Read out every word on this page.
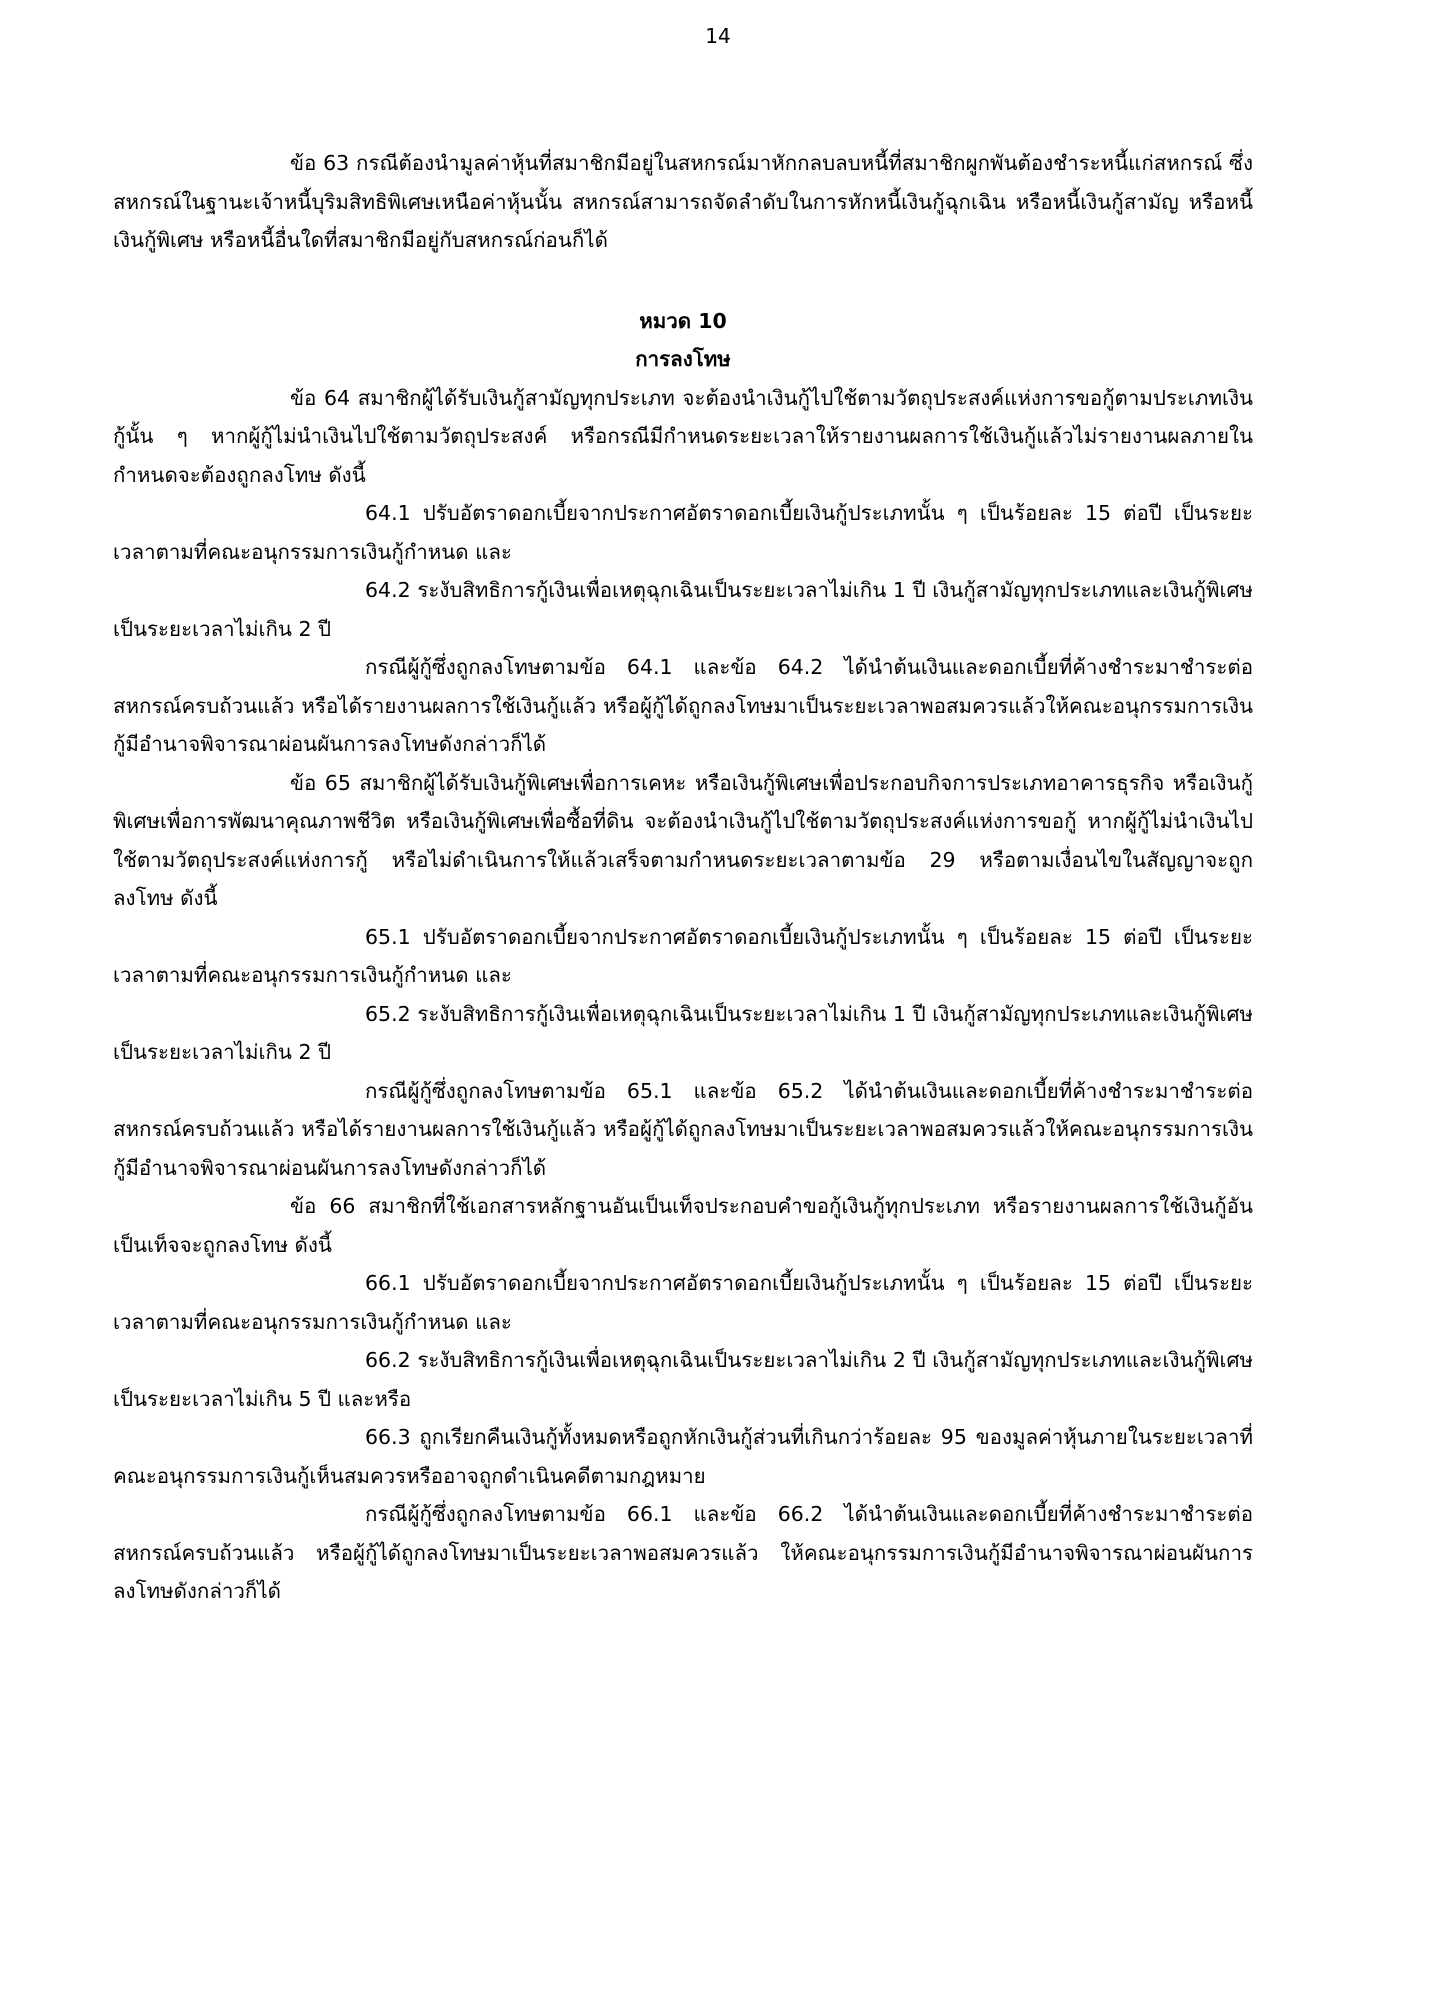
14

ข้อ 63 กรณีต้องนำมูลค่าหุ้นที่สมาชิกมีอยู่ในสหกรณ์มาหักกลบลบหนี้ที่สมาชิกผูกพันต้องชำระหนี้แก่สหกรณ์ ซึ่งสหกรณ์ในฐานะเจ้าหนี้บุริมสิทธิพิเศษเหนือค่าหุ้นนั้น สหกรณ์สามารถจัดลำดับในการหักหนี้เงินกู้ฉุกเฉิน หรือหนี้เงินกู้สามัญ หรือหนี้เงินกู้พิเศษ หรือหนี้อื่นใดที่สมาชิกมีอยู่กับสหกรณ์ก่อนก็ได้

หมวด 10

การลงโทษ

ข้อ 64 สมาชิกผู้ได้รับเงินกู้สามัญทุกประเภท จะต้องนำเงินกู้ไปใช้ตามวัตถุประสงค์แห่งการขอกู้ตามประเภทเงินกู้นั้น ๆ หากผู้กู้ไม่นำเงินไปใช้ตามวัตถุประสงค์ หรือกรณีมีกำหนดระยะเวลาให้รายงานผลการใช้เงินกู้แล้วไม่รายงานผลภายในกำหนดจะต้องถูกลงโทษ ดังนี้

64.1 ปรับอัตราดอกเบี้ยจากประกาศอัตราดอกเบี้ยเงินกู้ประเภทนั้น ๆ เป็นร้อยละ 15 ต่อปี เป็นระยะเวลาตามที่คณะอนุกรรมการเงินกู้กำหนด และ

64.2 ระงับสิทธิการกู้เงินเพื่อเหตุฉุกเฉินเป็นระยะเวลาไม่เกิน 1 ปี เงินกู้สามัญทุกประเภทและเงินกู้พิเศษเป็นระยะเวลาไม่เกิน 2 ปี

กรณีผู้กู้ซึ่งถูกลงโทษตามข้อ 64.1 และข้อ 64.2 ได้นำต้นเงินและดอกเบี้ยที่ค้างชำระมาชำระต่อสหกรณ์ครบถ้วนแล้ว หรือได้รายงานผลการใช้เงินกู้แล้ว หรือผู้กู้ได้ถูกลงโทษมาเป็นระยะเวลาพอสมควรแล้วให้คณะอนุกรรมการเงินกู้มีอำนาจพิจารณาผ่อนผันการลงโทษดังกล่าวก็ได้

ข้อ 65 สมาชิกผู้ได้รับเงินกู้พิเศษเพื่อการเคหะ หรือเงินกู้พิเศษเพื่อประกอบกิจการประเภทอาคารธุรกิจ หรือเงินกู้พิเศษเพื่อการพัฒนาคุณภาพชีวิต หรือเงินกู้พิเศษเพื่อซื้อที่ดิน จะต้องนำเงินกู้ไปใช้ตามวัตถุประสงค์แห่งการขอกู้ หากผู้กู้ไม่นำเงินไปใช้ตามวัตถุประสงค์แห่งการกู้ หรือไม่ดำเนินการให้แล้วเสร็จตามกำหนดระยะเวลาตามข้อ 29 หรือตามเงื่อนไขในสัญญาจะถูกลงโทษ ดังนี้

65.1 ปรับอัตราดอกเบี้ยจากประกาศอัตราดอกเบี้ยเงินกู้ประเภทนั้น ๆ เป็นร้อยละ 15 ต่อปี เป็นระยะเวลาตามที่คณะอนุกรรมการเงินกู้กำหนด และ

65.2 ระงับสิทธิการกู้เงินเพื่อเหตุฉุกเฉินเป็นระยะเวลาไม่เกิน 1 ปี เงินกู้สามัญทุกประเภทและเงินกู้พิเศษเป็นระยะเวลาไม่เกิน 2 ปี

กรณีผู้กู้ซึ่งถูกลงโทษตามข้อ 65.1 และข้อ 65.2 ได้นำต้นเงินและดอกเบี้ยที่ค้างชำระมาชำระต่อสหกรณ์ครบถ้วนแล้ว หรือได้รายงานผลการใช้เงินกู้แล้ว หรือผู้กู้ได้ถูกลงโทษมาเป็นระยะเวลาพอสมควรแล้วให้คณะอนุกรรมการเงินกู้มีอำนาจพิจารณาผ่อนผันการลงโทษดังกล่าวก็ได้

ข้อ 66 สมาชิกที่ใช้เอกสารหลักฐานอันเป็นเท็จประกอบคำขอกู้เงินกู้ทุกประเภท หรือรายงานผลการใช้เงินกู้อันเป็นเท็จจะถูกลงโทษ ดังนี้

66.1 ปรับอัตราดอกเบี้ยจากประกาศอัตราดอกเบี้ยเงินกู้ประเภทนั้น ๆ เป็นร้อยละ 15 ต่อปี เป็นระยะเวลาตามที่คณะอนุกรรมการเงินกู้กำหนด และ

66.2 ระงับสิทธิการกู้เงินเพื่อเหตุฉุกเฉินเป็นระยะเวลาไม่เกิน 2 ปี เงินกู้สามัญทุกประเภทและเงินกู้พิเศษเป็นระยะเวลาไม่เกิน 5 ปี และหรือ

66.3 ถูกเรียกคืนเงินกู้ทั้งหมดหรือถูกหักเงินกู้ส่วนที่เกินกว่าร้อยละ 95 ของมูลค่าหุ้นภายในระยะเวลาที่คณะอนุกรรมการเงินกู้เห็นสมควรหรืออาจถูกดำเนินคดีตามกฎหมาย

กรณีผู้กู้ซึ่งถูกลงโทษตามข้อ 66.1 และข้อ 66.2 ได้นำต้นเงินและดอกเบี้ยที่ค้างชำระมาชำระต่อสหกรณ์ครบถ้วนแล้ว หรือผู้กู้ได้ถูกลงโทษมาเป็นระยะเวลาพอสมควรแล้ว ให้คณะอนุกรรมการเงินกู้มีอำนาจพิจารณาผ่อนผันการลงโทษดังกล่าวก็ได้
